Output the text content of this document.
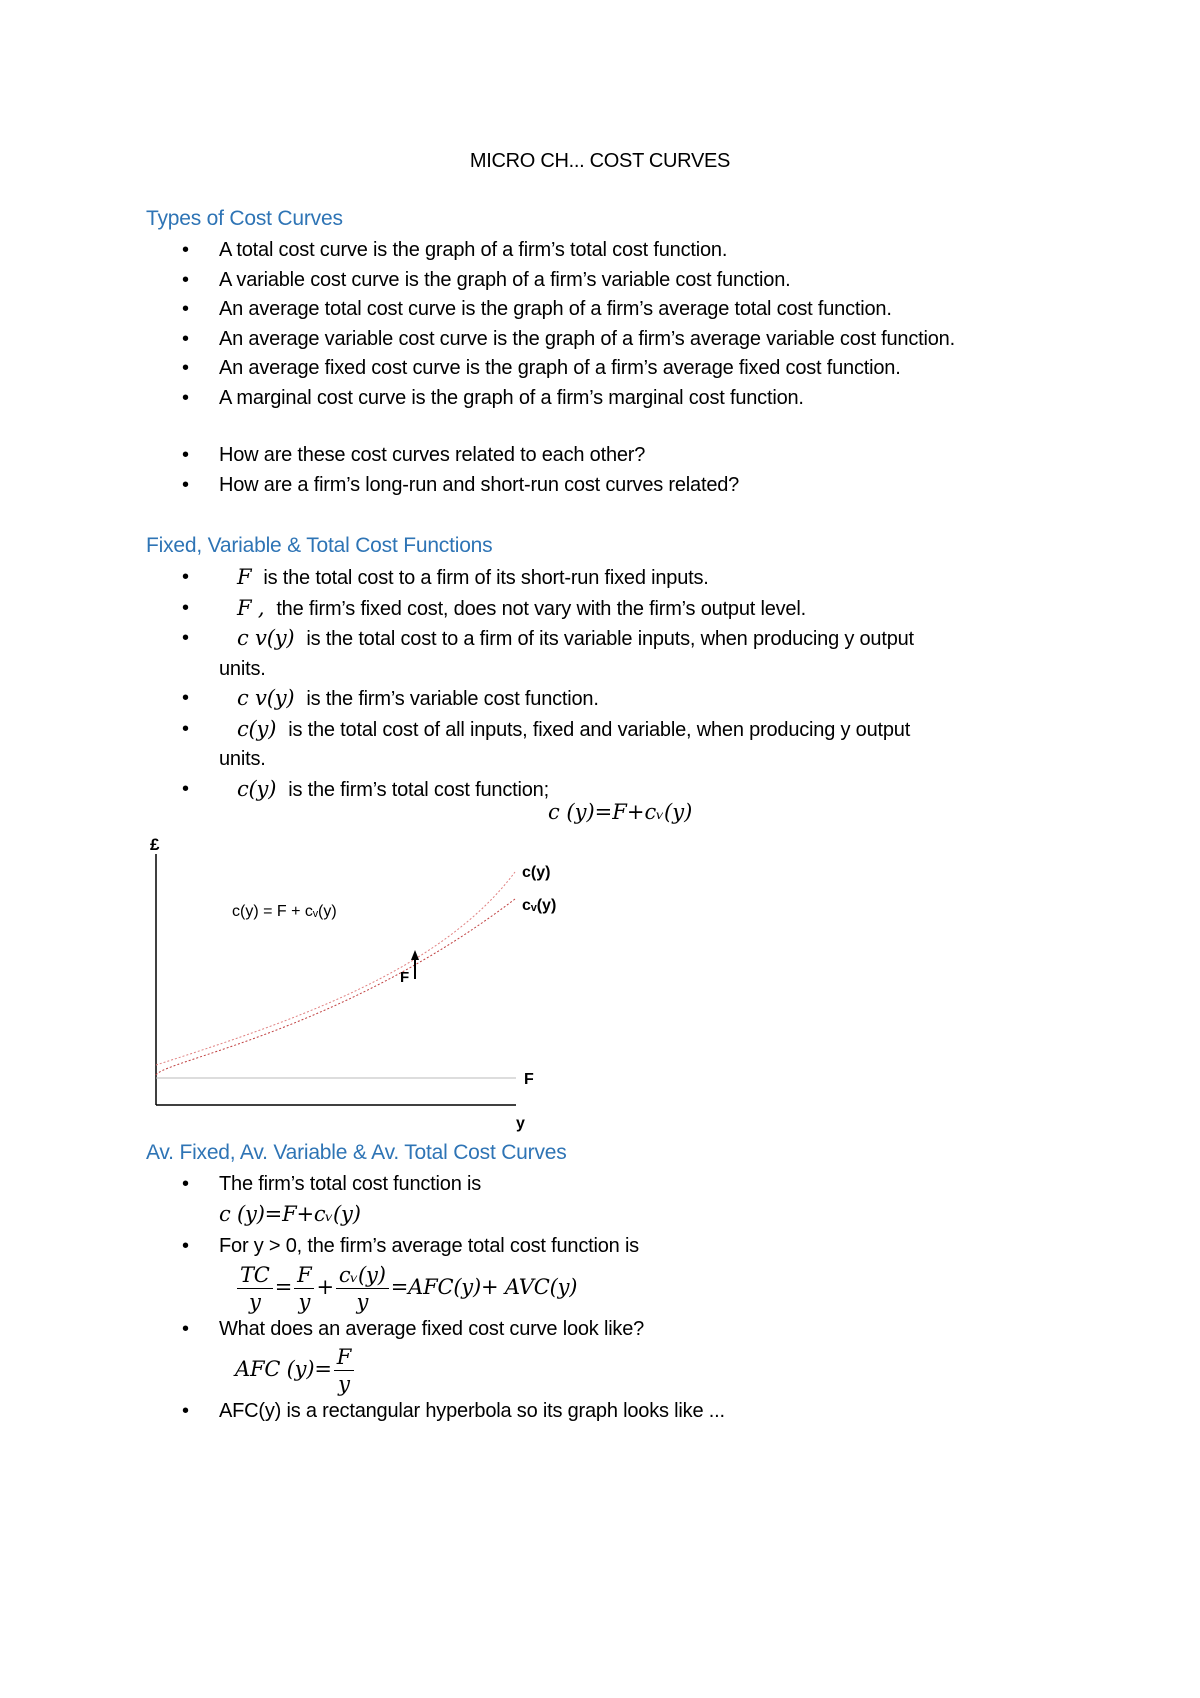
MICRO CH... COST CURVES
Types of Cost Curves
• A total cost curve is the graph of a firm’s total cost function.
• A variable cost curve is the graph of a firm’s variable cost function.
• An average total cost curve is the graph of a firm’s average total cost function.
• An average variable cost curve is the graph of a firm’s average variable cost function.
• An average fixed cost curve is the graph of a firm’s average fixed cost function.
• A marginal cost curve is the graph of a firm’s marginal cost function.
• How are these cost curves related to each other?
• How are a firm’s long-run and short-run cost curves related?
Fixed, Variable & Total Cost Functions
• F is the total cost to a firm of its short-run fixed inputs.
• F , the firm’s fixed cost, does not vary with the firm’s output level.
• c v(y) is the total cost to a firm of its variable inputs, when producing y output
units.
• c v(y) is the firm’s variable cost function.
• c(y) is the total cost of all inputs, fixed and variable, when producing y output
units.
• c(y) is the firm’s total cost function;
c (y)=F+cᵥ(y)
£
F
c(y)
cᵥ(y)
F
y
c(y) = F + cᵥ(y)
Av. Fixed, Av. Variable & Av. Total Cost Curves
• The firm’s total cost function is
c (y)=F+cᵥ(y)
• For y > 0, the firm’s average total cost function is

$\frac{TC}{y} = \frac{F}{y} + \frac{\text{cᵥ(y)}}{y} =AFC(y)+ AVC(y)$
• What does an average fixed cost curve look like?
AFC $(y)= \frac{F}{y}$
• AFC(y) is a rectangular hyperbola so its graph looks like ...
